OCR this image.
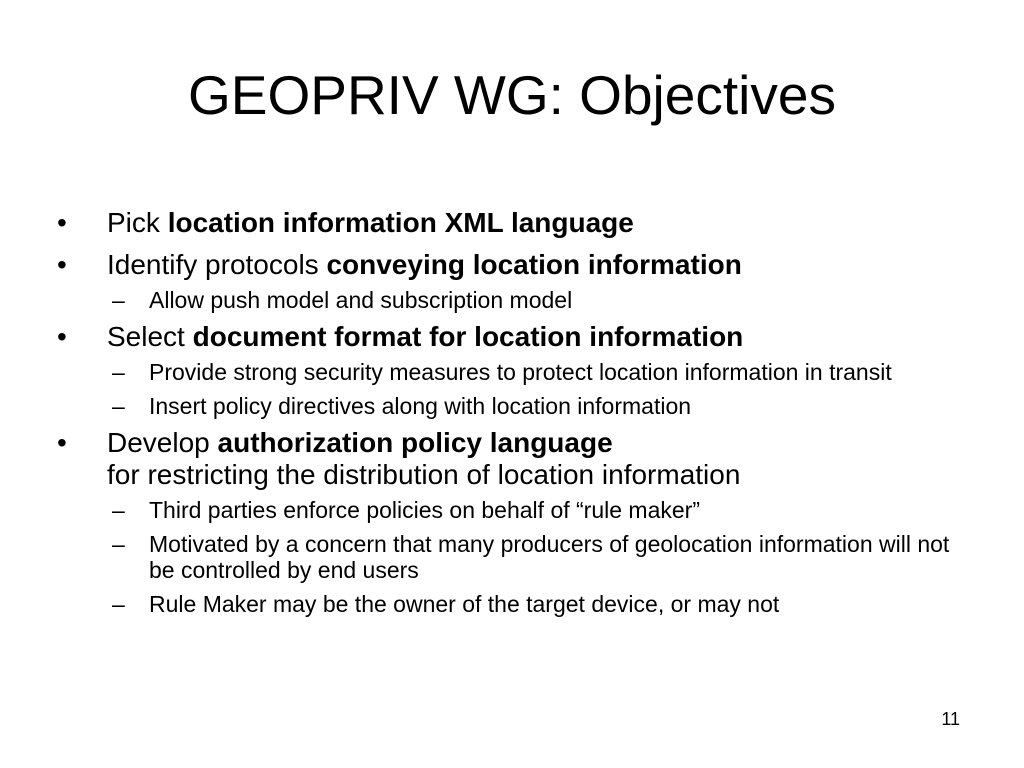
GEOPRIV WG: Objectives
• Pick location information XML language
• Identify protocols conveying location information
– Allow push model and subscription model
• Select document format for location information
– Provide strong security measures to protect location information in transit
– Insert policy directives along with location information
• Develop authorization policy language
for restricting the distribution of location information
– Third parties enforce policies on behalf of “rule maker”
– Motivated by a concern that many producers of geolocation information will not be controlled by end users
– Rule Maker may be the owner of the target device, or may not
11
